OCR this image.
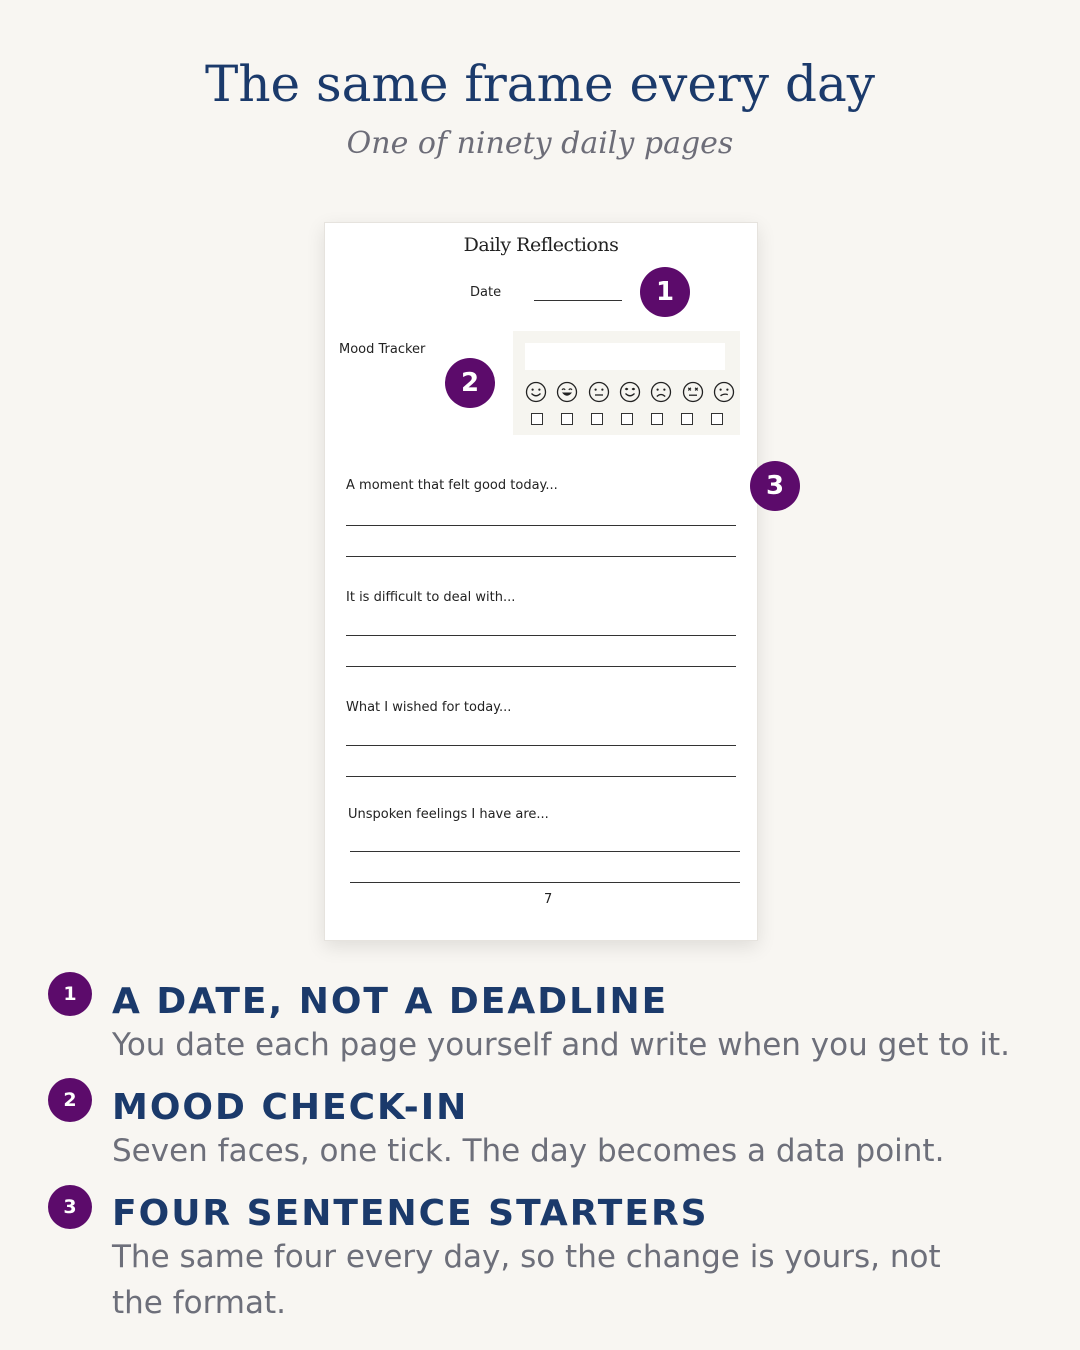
The same frame every day
One of ninety daily pages
Daily Reflections
Date
Mood Tracker
A moment that felt good today...
It is difficult to deal with...
What I wished for today...
Unspoken feelings I have are...
7
1
2
3
1 A DATE, NOT A DEADLINE
You date each page yourself and write when you get to it.
2 MOOD CHECK-IN
Seven faces, one tick. The day becomes a data point.
3 FOUR SENTENCE STARTERS
The same four every day, so the change is yours, not the format.
